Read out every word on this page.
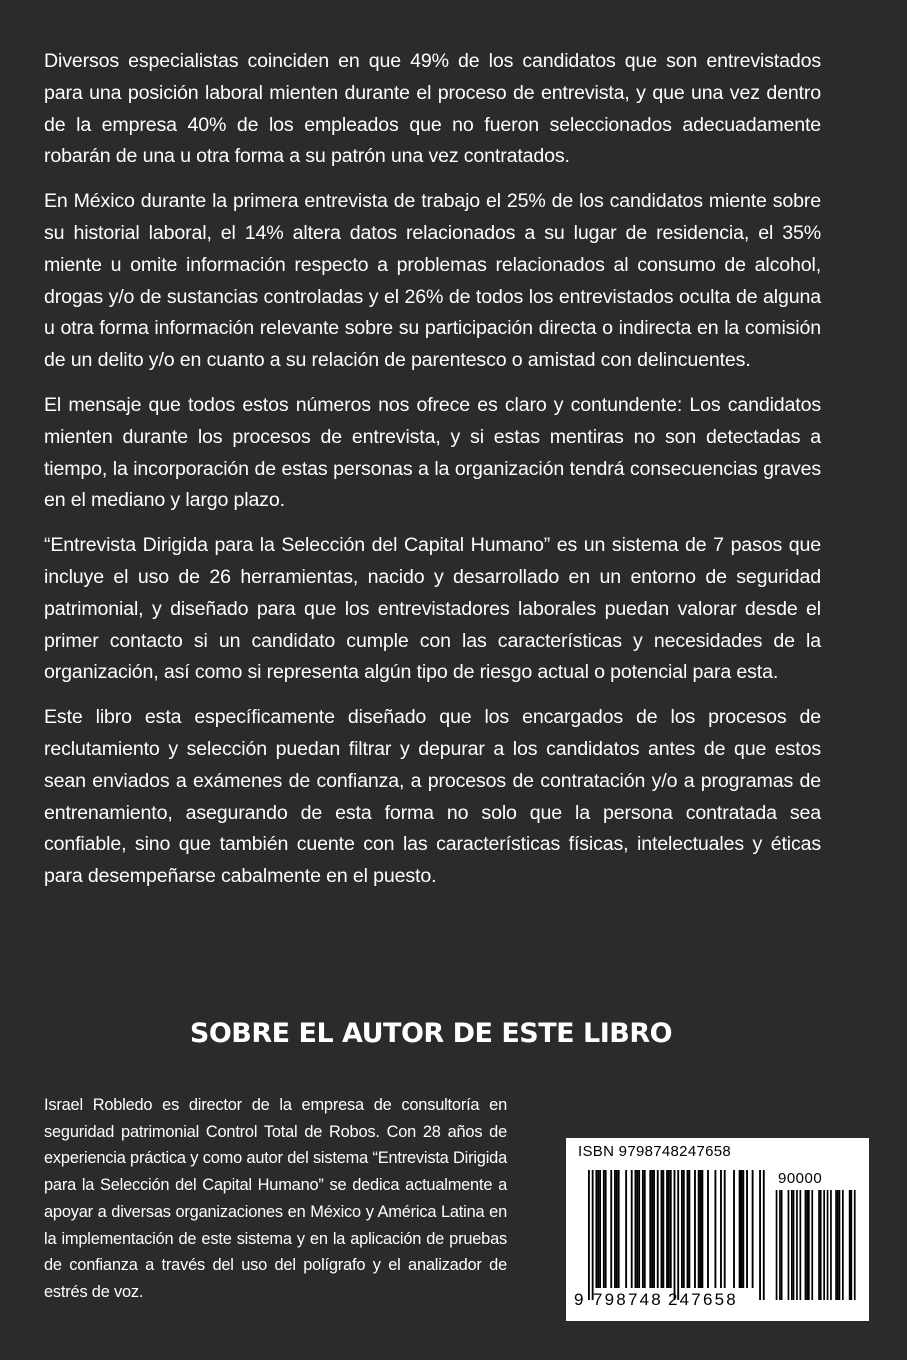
Diversos especialistas coinciden en que 49% de los candidatos que son entrevistados para una posición laboral mienten durante el proceso de entrevista, y que una vez dentro de la empresa 40% de los empleados que no fueron seleccionados adecuadamente robarán de una u otra forma a su patrón una vez contratados.

En México durante la primera entrevista de trabajo el 25% de los candidatos miente sobre su historial laboral, el 14% altera datos relacionados a su lugar de residencia, el 35% miente u omite información respecto a problemas relacionados al consumo de alcohol, drogas y/o de sustancias controladas y el 26% de todos los entrevistados oculta de alguna u otra forma información relevante sobre su participación directa o indirecta en la comisión de un delito y/o en cuanto a su relación de parentesco o amistad con delincuentes.

El mensaje que todos estos números nos ofrece es claro y contundente: Los candidatos mienten durante los procesos de entrevista, y si estas mentiras no son detectadas a tiempo, la incorporación de estas personas a la organización tendrá consecuencias graves en el mediano y largo plazo.

“Entrevista Dirigida para la Selección del Capital Humano” es un sistema de 7 pasos que incluye el uso de 26 herramientas, nacido y desarrollado en un entorno de seguridad patrimonial, y diseñado para que los entrevistadores laborales puedan valorar desde el primer contacto si un candidato cumple con las características y necesidades de la organización, así como si representa algún tipo de riesgo actual o potencial para esta.

Este libro esta específicamente diseñado que los encargados de los procesos de reclutamiento y selección puedan filtrar y depurar a los candidatos antes de que estos sean enviados a exámenes de confianza, a procesos de contratación y/o a programas de entrenamiento, asegurando de esta forma no solo que la persona contratada sea confiable, sino que también cuente con las características físicas, intelectuales y éticas para desempeñarse cabalmente en el puesto.

SOBRE EL AUTOR DE ESTE LIBRO

Israel Robledo es director de la empresa de consultoría en seguridad patrimonial Control Total de Robos. Con 28 años de experiencia práctica y como autor del sistema “Entrevista Dirigida para la Selección del Capital Humano” se dedica actualmente a apoyar a diversas organizaciones en México y América Latina en la implementación de este sistema y en la aplicación de pruebas de confianza a través del uso del polígrafo y el analizador de estrés de voz.

ISBN 9798748247658
90000
9 798748 247658
